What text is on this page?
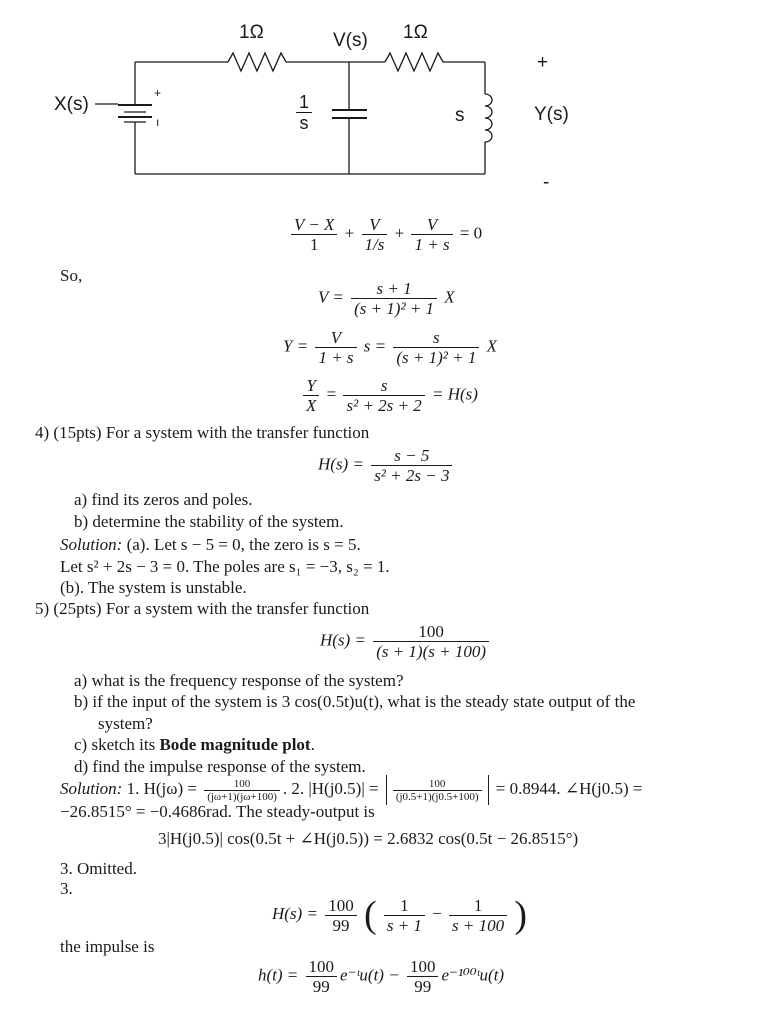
1Ω	V(s) 1Ω
+
X(s)
+
ı	$\frac{1}{s}$	s	Y(s)
-
$\frac{V - X}{1} + \frac{V}{1/s} + \frac{V}{1 + s} = 0$
So,
$V = \frac{s + 1}{\text{(s + 1)² + 1}}$ X
$Y = \frac{V}{1 + s}$ $s = \frac{s}{\text{(s + 1)² + 1}}$ X
$\frac{Y}{X} = \frac{s}{\text{s² + 2s + 2}} = H(s)$
4) (15pts) For a system with the transfer function
$H(s) = \frac{s - 5}{\text{s² + 2s − 3}}$
a) find its zeros and poles.
b) determine the stability of the system.
Solution: (a). Let s − 5 = 0, the zero is s = 5.
Let s² + 2s − 3 = 0. The poles are s₁ = −3, s₂ = 1.
(b). The system is unstable.
5) (25pts) For a system with the transfer function
$H(s) = \frac{100}{(s + 1)(s + 100)}$
a) what is the frequency response of the system?
b) if the input of the system is 3 cos(0.5t)u(t), what is the steady state output of the
system?
c) sketch its Bode magnitude plot.
d) find the impulse response of the system.
Solution: 1. $H(j\omega) = \frac{100}{(j\omega+1)(j\omega+100)}$ . 2. $|H(j0.5)| = \frac{100}{(j0.5+1)(j0.5+100)} = 0.8944$. ∠H(j0.5) =
−26.8515° = −0.4686rad. The steady-output is
3|H(j0.5)| cos(0.5t + ∠H(j0.5)) = 2.6832 cos(0.5t − 26.8515°)
3. Omitted.
3.
$H(s) = \frac{100}{99}$ ( $\frac{1}{s + 1} - \frac{1}{s + 100}$ )
the impulse is
$h(t) = \frac{100}{99}$ e⁻ᵗu(t) − $\frac{100}{99}$ e⁻¹⁰⁰ᵗu(t)
